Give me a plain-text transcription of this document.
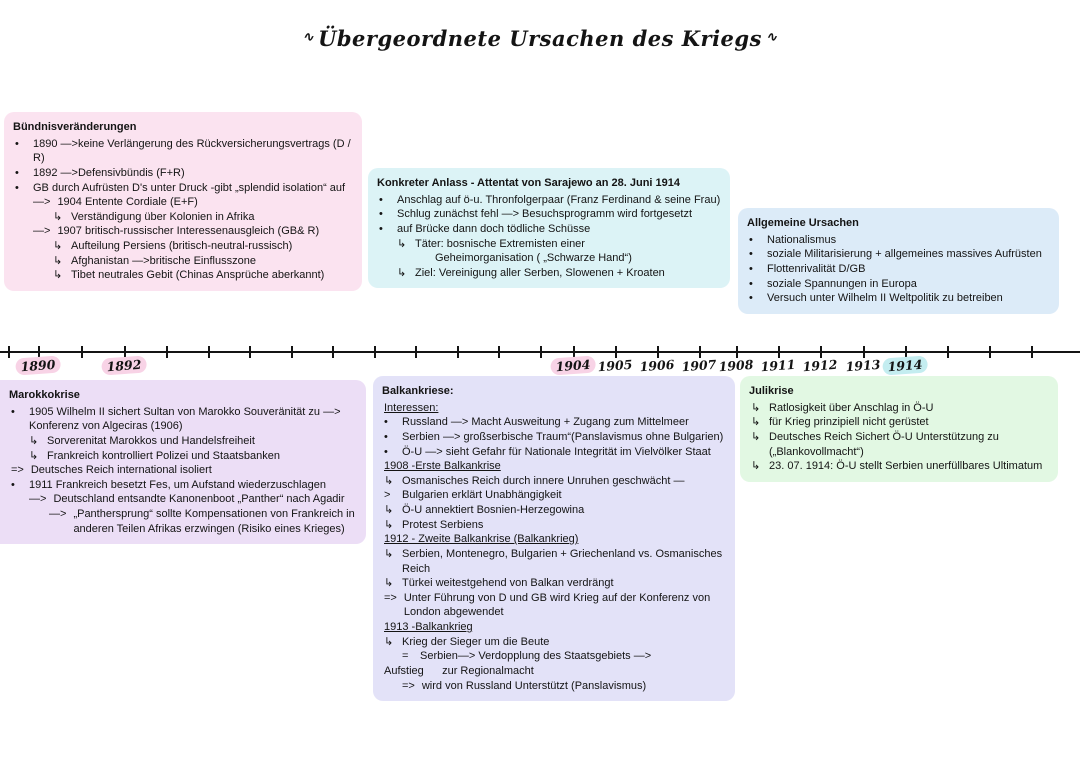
∿ Übergeordnete Ursachen des Kriegs ∿
Bündnisveränderungen
•	1890 —>keine Verlängerung des Rückversicherungsvertrags (D / R)
•	1892 —>Defensivbündis (F+R)
•	GB durch Aufrüsten D's unter Druck -gibt „splendid isolation“ auf
—> 1904 Entente Cordiale (E+F)
↳ Verständigung über Kolonien in Afrika
—> 1907 britisch-russischer Interessenausgleich (GB& R)
↳ Aufteilung Persiens (britisch-neutral-russisch)
↳ Afghanistan —>britische Einflusszone
↳ Tibet neutrales Gebit (Chinas Ansprüche aberkannt)
Konkreter Anlass - Attentat von Sarajewo an 28. Juni 1914
•	Anschlag auf ö-u. Thronfolgerpaar (Franz Ferdinand & seine Frau)
•	Schlug zunächst fehl —> Besuchsprogramm wird fortgesetzt
•	auf Brücke dann doch tödliche Schüsse
↳ Täter: bosnische Extremisten einer
Geheimorganisation ( „Schwarze Hand“)
↳ Ziel: Vereinigung aller Serben, Slowenen + Kroaten
Allgemeine Ursachen
•	Nationalismus
•	soziale Militarisierung + allgemeines massives Aufrüsten
•	Flottenrivalität D/GB
•	soziale Spannungen in Europa
•	Versuch unter Wilhelm II Weltpolitik zu betreiben
1890	1892	1904 1905 1906 1907 1908 1911 1912 1913 1914
Marokkokrise
•	1905 Wilhelm II sichert Sultan von Marokko Souveränität zu —> Konferenz von Algeciras (1906)
↳ Sorverenitat Marokkos und Handelsfreiheit
↳ Frankreich kontrolliert Polizei und Staatsbanken
=> Deutsches Reich international isoliert
•	1911 Frankreich besetzt Fes, um Aufstand wiederzuschlagen
—> Deutschland entsandte Kanonenboot „Panther“ nach Agadir
—> „Panthersprung“ sollte Kompensationen von Frankreich in anderen Teilen Afrikas erzwingen (Risiko eines Krieges)
Balkankriese:
Interessen:
•	Russland —> Macht Ausweitung + Zugang zum Mittelmeer
•	Serbien —> großserbische Traum“(Panslavismus ohne Bulgarien)
•	Ö-U —> sieht Gefahr für Nationale Integrität im Vielvölker Staat
1908 -Erste Balkankrise
↳ Osmanisches Reich durch innere Unruhen geschwächt —
>	Bulgarien erklärt Unabhängigkeit
↳ Ö-U annektiert Bosnien-Herzegowina
↳ Protest Serbiens
1912 - Zweite Balkankrise (Balkankrieg)
↳ Serbien, Montenegro, Bulgarien + Griechenland vs. Osmanisches Reich
↳ Türkei weitestgehend von Balkan verdrängt
=> Unter Führung von D und GB wird Krieg auf der Konferenz von London abgewendet
1913 -Balkankrieg
↳ Krieg der Sieger um die Beute
=	Serbien—> Verdopplung des Staatsgebiets —>
Aufstieg      zur Regionalmacht
=> wird von Russland Unterstützt (Panslavismus)
Julikrise
↳ Ratlosigkeit über Anschlag in Ö-U
↳ für Krieg prinzipiell nicht gerüstet
↳ Deutsches Reich Sichert Ö-U Unterstützung zu („Blankovollmacht“)
↳ 23. 07. 1914: Ö-U stellt Serbien unerfüllbares Ultimatum
